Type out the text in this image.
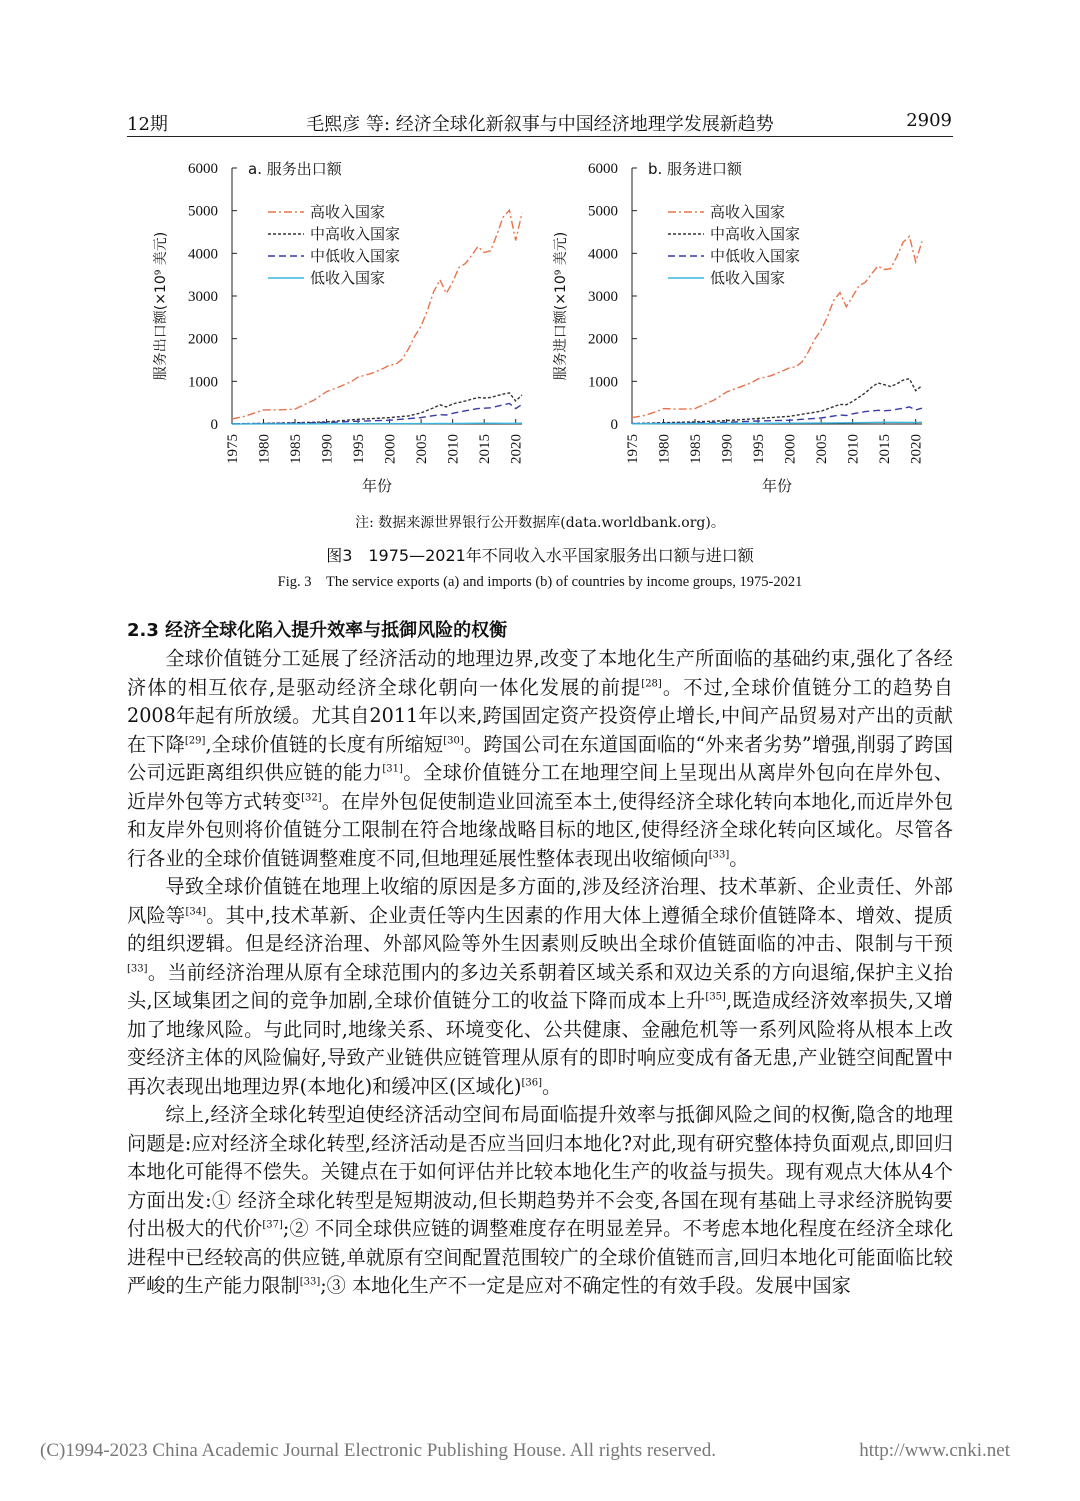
12期	毛熙彦 等: 经济全球化新叙事与中国经济地理学发展新趋势	2909
0
1000
2000
3000
4000
5000
6000
1975 1980 1985 1990 1995 2000 2005 2010 2015 2020
a. 服务出口额
年份
服务出口额(×10⁹ 美元)
高收入国家
中高收入国家
中低收入国家
低收入国家
0
1000
2000
3000
4000
5000
6000
1975 1980 1985 1990 1995 2000 2005 2010 2015 2020
b. 服务进口额
年份
服务进口额(×10⁹ 美元)
高收入国家
中高收入国家
中低收入国家
低收入国家
注: 数据来源世界银行公开数据库(data.worldbank.org)。
图3　1975—2021年不同收入水平国家服务出口额与进口额
Fig. 3　The service exports (a) and imports (b) of countries by income groups, 1975-2021
2.3 经济全球化陷入提升效率与抵御风险的权衡

全球价值链分工延展了经济活动的地理边界,改变了本地化生产所面临的基础约束,强化了各经济体的相互依存,是驱动经济全球化朝向一体化发展的前提[28]。不过,全球价值链分工的趋势自2008年起有所放缓。尤其自2011年以来,跨国固定资产投资停止增长,中间产品贸易对产出的贡献在下降[29],全球价值链的长度有所缩短[30]。跨国公司在东道国面临的“外来者劣势”增强,削弱了跨国公司远距离组织供应链的能力[31]。全球价值链分工在地理空间上呈现出从离岸外包向在岸外包、近岸外包等方式转变[32]。在岸外包促使制造业回流至本土,使得经济全球化转向本地化,而近岸外包和友岸外包则将价值链分工限制在符合地缘战略目标的地区,使得经济全球化转向区域化。尽管各行各业的全球价值链调整难度不同,但地理延展性整体表现出收缩倾向[33]。

导致全球价值链在地理上收缩的原因是多方面的,涉及经济治理、技术革新、企业责任、外部风险等[34]。其中,技术革新、企业责任等内生因素的作用大体上遵循全球价值链降本、增效、提质的组织逻辑。但是经济治理、外部风险等外生因素则反映出全球价值链面临的冲击、限制与干预[33]。当前经济治理从原有全球范围内的多边关系朝着区域关系和双边关系的方向退缩,保护主义抬头,区域集团之间的竞争加剧,全球价值链分工的收益下降而成本上升[35],既造成经济效率损失,又增加了地缘风险。与此同时,地缘关系、环境变化、公共健康、金融危机等一系列风险将从根本上改变经济主体的风险偏好,导致产业链供应链管理从原有的即时响应变成有备无患,产业链空间配置中再次表现出地理边界(本地化)和缓冲区(区域化)[36]。

综上,经济全球化转型迫使经济活动空间布局面临提升效率与抵御风险之间的权衡,隐含的地理问题是:应对经济全球化转型,经济活动是否应当回归本地化?对此,现有研究整体持负面观点,即回归本地化可能得不偿失。关键点在于如何评估并比较本地化生产的收益与损失。现有观点大体从4个方面出发:① 经济全球化转型是短期波动,但长期趋势并不会变,各国在现有基础上寻求经济脱钩要付出极大的代价[37];② 不同全球供应链的调整难度存在明显差异。不考虑本地化程度在经济全球化进程中已经较高的供应链,单就原有空间配置范围较广的全球价值链而言,回归本地化可能面临比较严峻的生产能力限制[33];③ 本地化生产不一定是应对不确定性的有效手段。发展中国家

(C)1994-2023 China Academic Journal Electronic Publishing House. All rights reserved.	http://www.cnki.net
